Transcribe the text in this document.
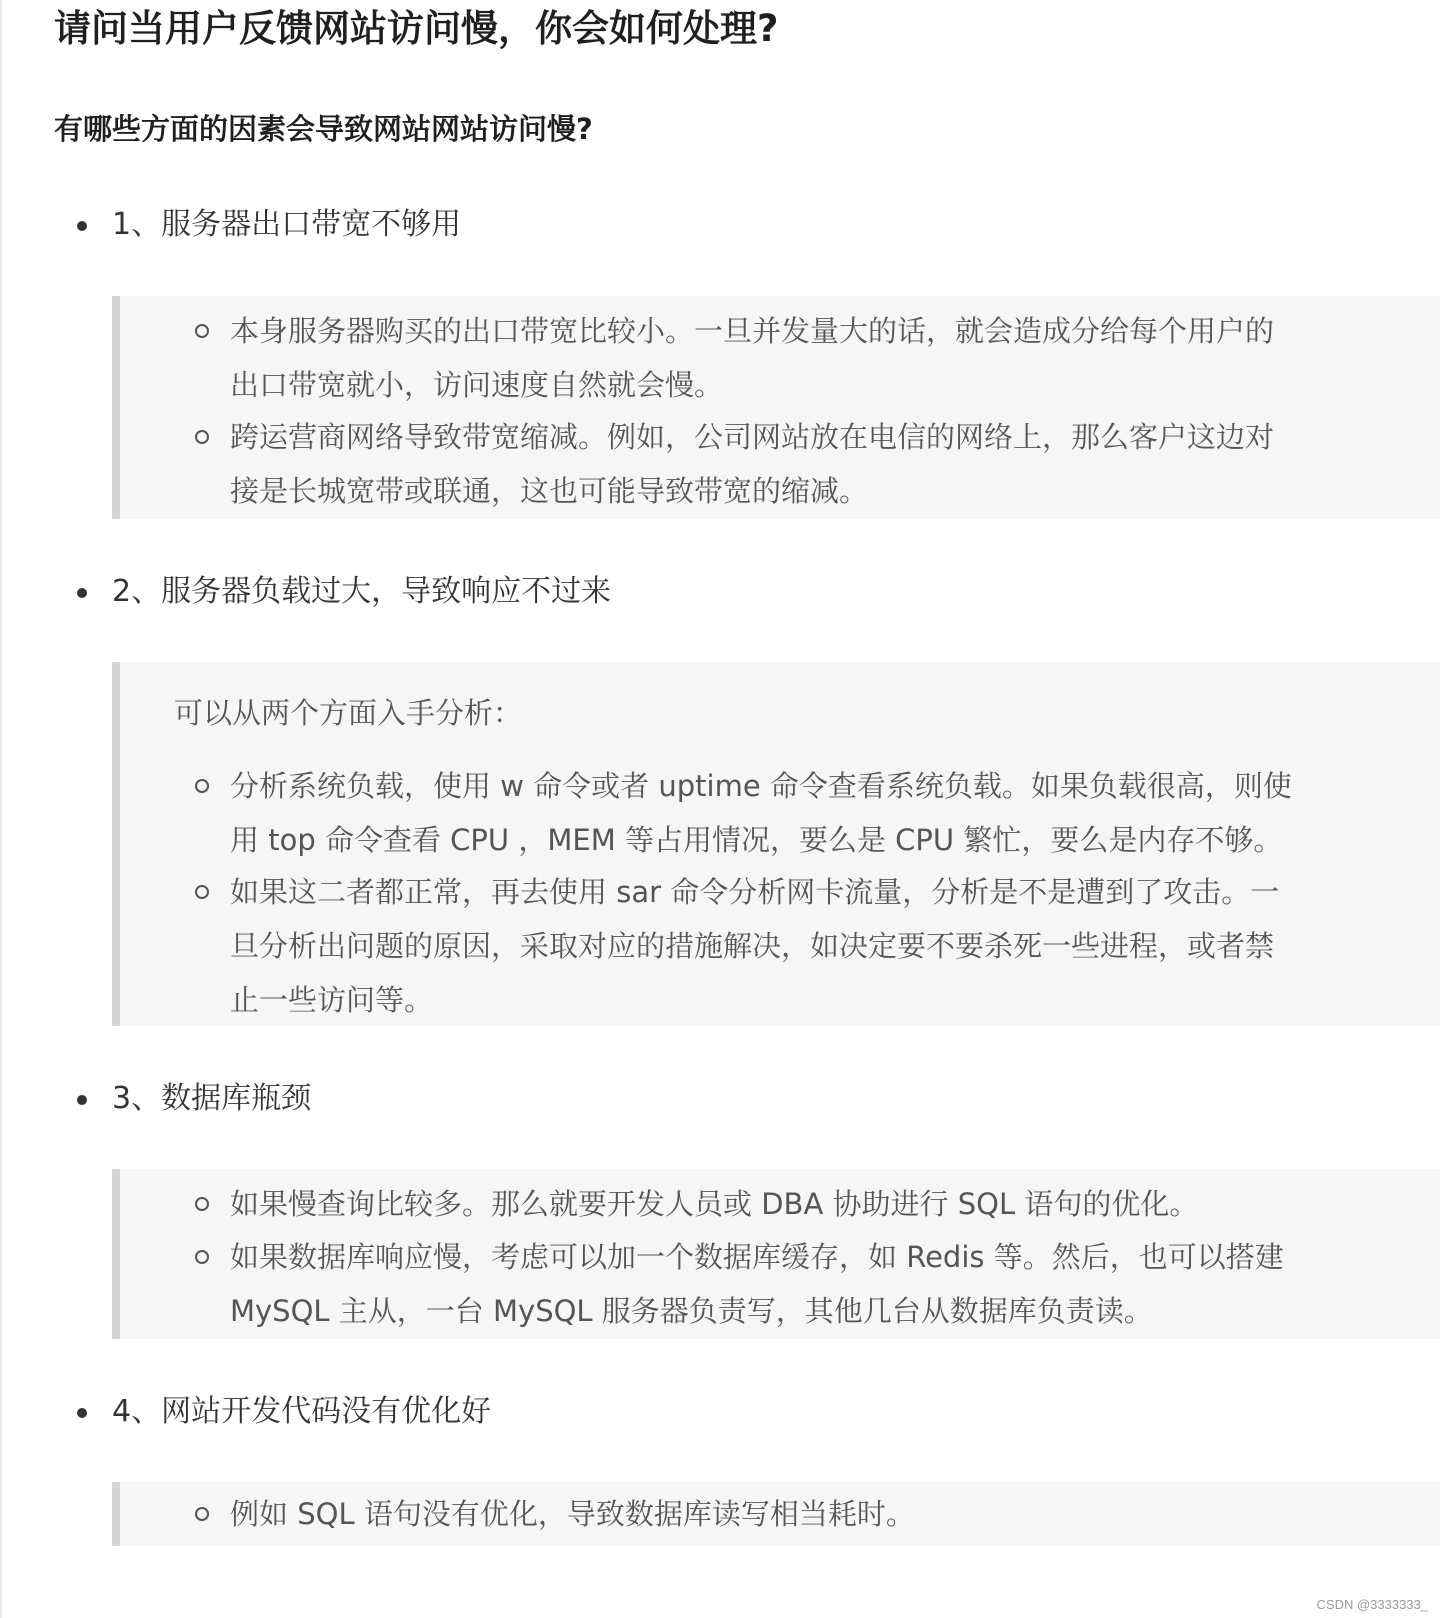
请问当用户反馈网站访问慢，你会如何处理?
有哪些方面的因素会导致网站网站访问慢?
1、服务器出口带宽不够用
本身服务器购买的出口带宽比较小。一旦并发量大的话，就会造成分给每个用户的
出口带宽就小，访问速度自然就会慢。
跨运营商网络导致带宽缩减。例如，公司网站放在电信的网络上，那么客户这边对
接是长城宽带或联通，这也可能导致带宽的缩减。
2、服务器负载过大，导致响应不过来
可以从两个方面入手分析：
分析系统负载，使用 w 命令或者 uptime 命令查看系统负载。如果负载很高，则使
用 top 命令查看 CPU ，MEM 等占用情况，要么是 CPU 繁忙，要么是内存不够。
如果这二者都正常，再去使用 sar 命令分析网卡流量，分析是不是遭到了攻击。一
旦分析出问题的原因，采取对应的措施解决，如决定要不要杀死一些进程，或者禁
止一些访问等。
3、数据库瓶颈
如果慢查询比较多。那么就要开发人员或 DBA 协助进行 SQL 语句的优化。
如果数据库响应慢，考虑可以加一个数据库缓存，如 Redis 等。然后，也可以搭建
MySQL 主从，一台 MySQL 服务器负责写，其他几台从数据库负责读。
4、网站开发代码没有优化好
例如 SQL 语句没有优化，导致数据库读写相当耗时。
CSDN @3333333_
